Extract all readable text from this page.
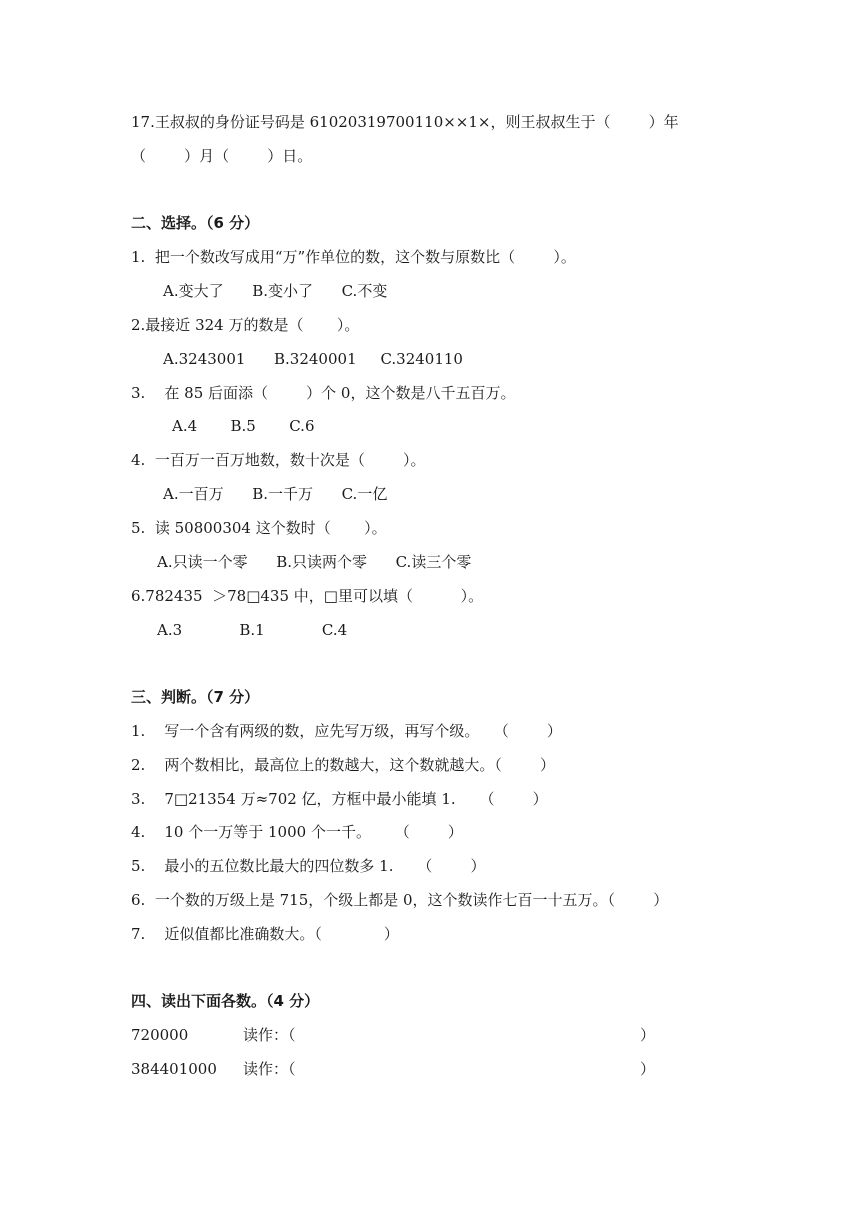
17.王叔叔的身份证号码是 6102031970011​0××1×，则王叔叔生于（        ）年
（        ）月（        ）日。
二、选择。（6 分）
1.  把一个数改写成用“万”作单位的数，这个数与原数比（        ）。
A.变大了      B.变小了      C.不变
2.最接近 324 万的数是（       ）。
A.3243001      B.3240001     C.3240110
3.    在 85 后面添（        ）个 0，这个数是八千五百万。
A.4       B.5       C.6
4.  一百万一百万地数，数十次是（        ）。
A.一百万      B.一千万      C.一亿
5.  读 50800304 这个数时（       ）。
A.只读一个零      B.只读两个零      C.读三个零
6.782435  ＞78□435 中，□里可以填（          ）。
A.3            B.1            C.4
三、判断。（7 分）
1.    写一个含有两级的数，应先写万级，再写个级。   （        ）
2.    两个数相比，最高位上的数越大，这个数就越大。（        ）
3.    7□21354 万≈702 亿，方框中最小能填 1.     （        ）
4.    10 个一万等于 1000 个一千。     （        ）
5.    最小的五位数比最大的四位数多 1.     （        ）
6.  一个数的万级上是 715，个级上都是 0，这个数读作七百一十五万。（        ）
7.    近似值都比准确数大。（             ）
四、读出下面各数。（4 分）
720000	读作：（	）
384401000 读作：（	）
